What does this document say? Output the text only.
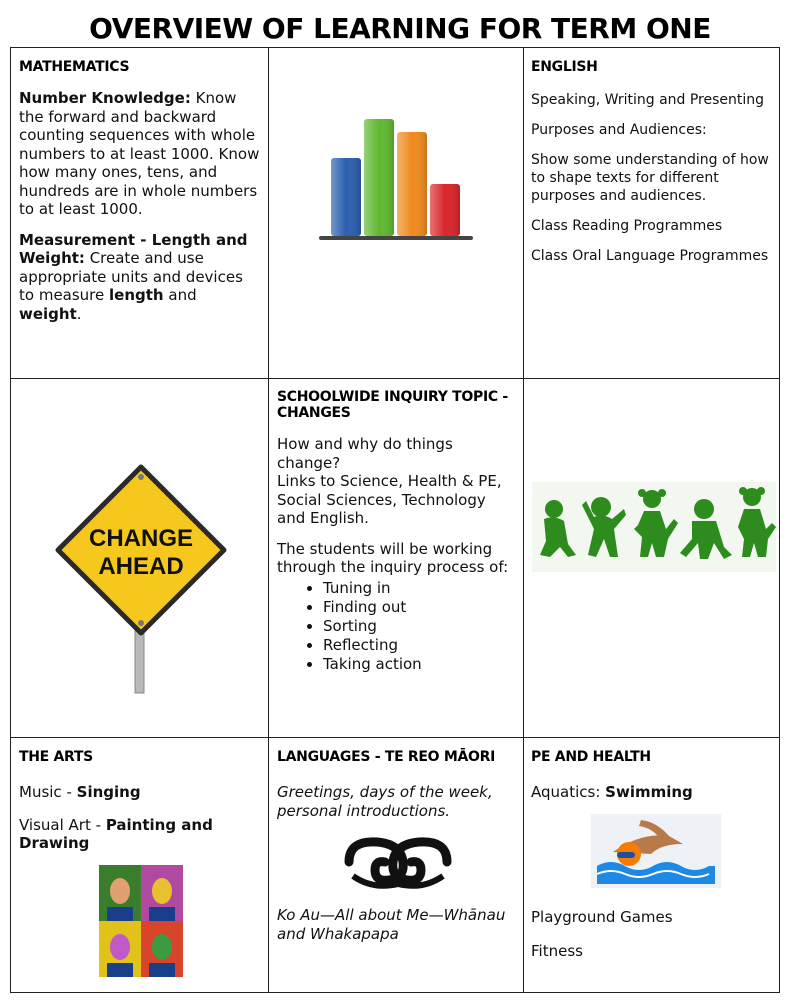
OVERVIEW OF LEARNING FOR TERM ONE
MATHEMATICS

Number Knowledge: Know the forward and backward counting sequences with whole numbers to at least 1000. Know how many ones, tens, and hundreds are in whole numbers to at least 1000.

Measurement - Length and Weight: Create and use appropriate units and devices to measure length and weight.

ENGLISH

Speaking, Writing and Presenting

Purposes and Audiences:

Show some understanding of how to shape texts for different purposes and audiences.

Class Reading Programmes

Class Oral Language Programmes

CHANGE
AHEAD
SCHOOLWIDE INQUIRY TOPIC -
CHANGES

How and why do things change?

Links to Science, Health & PE, Social Sciences, Technology and English.

The students will be working through the inquiry process of:

• Tuning in
• Finding out
• Sorting
• Reflecting
• Taking action
THE ARTS

Music - Singing

Visual Art - Painting and Drawing

LANGUAGES - TE REO MĀORI

Greetings, days of the week, personal introductions.

Ko Au—All about Me—Whānau and Whakapapa

PE AND HEALTH

Aquatics: Swimming

Playground Games

Fitness
